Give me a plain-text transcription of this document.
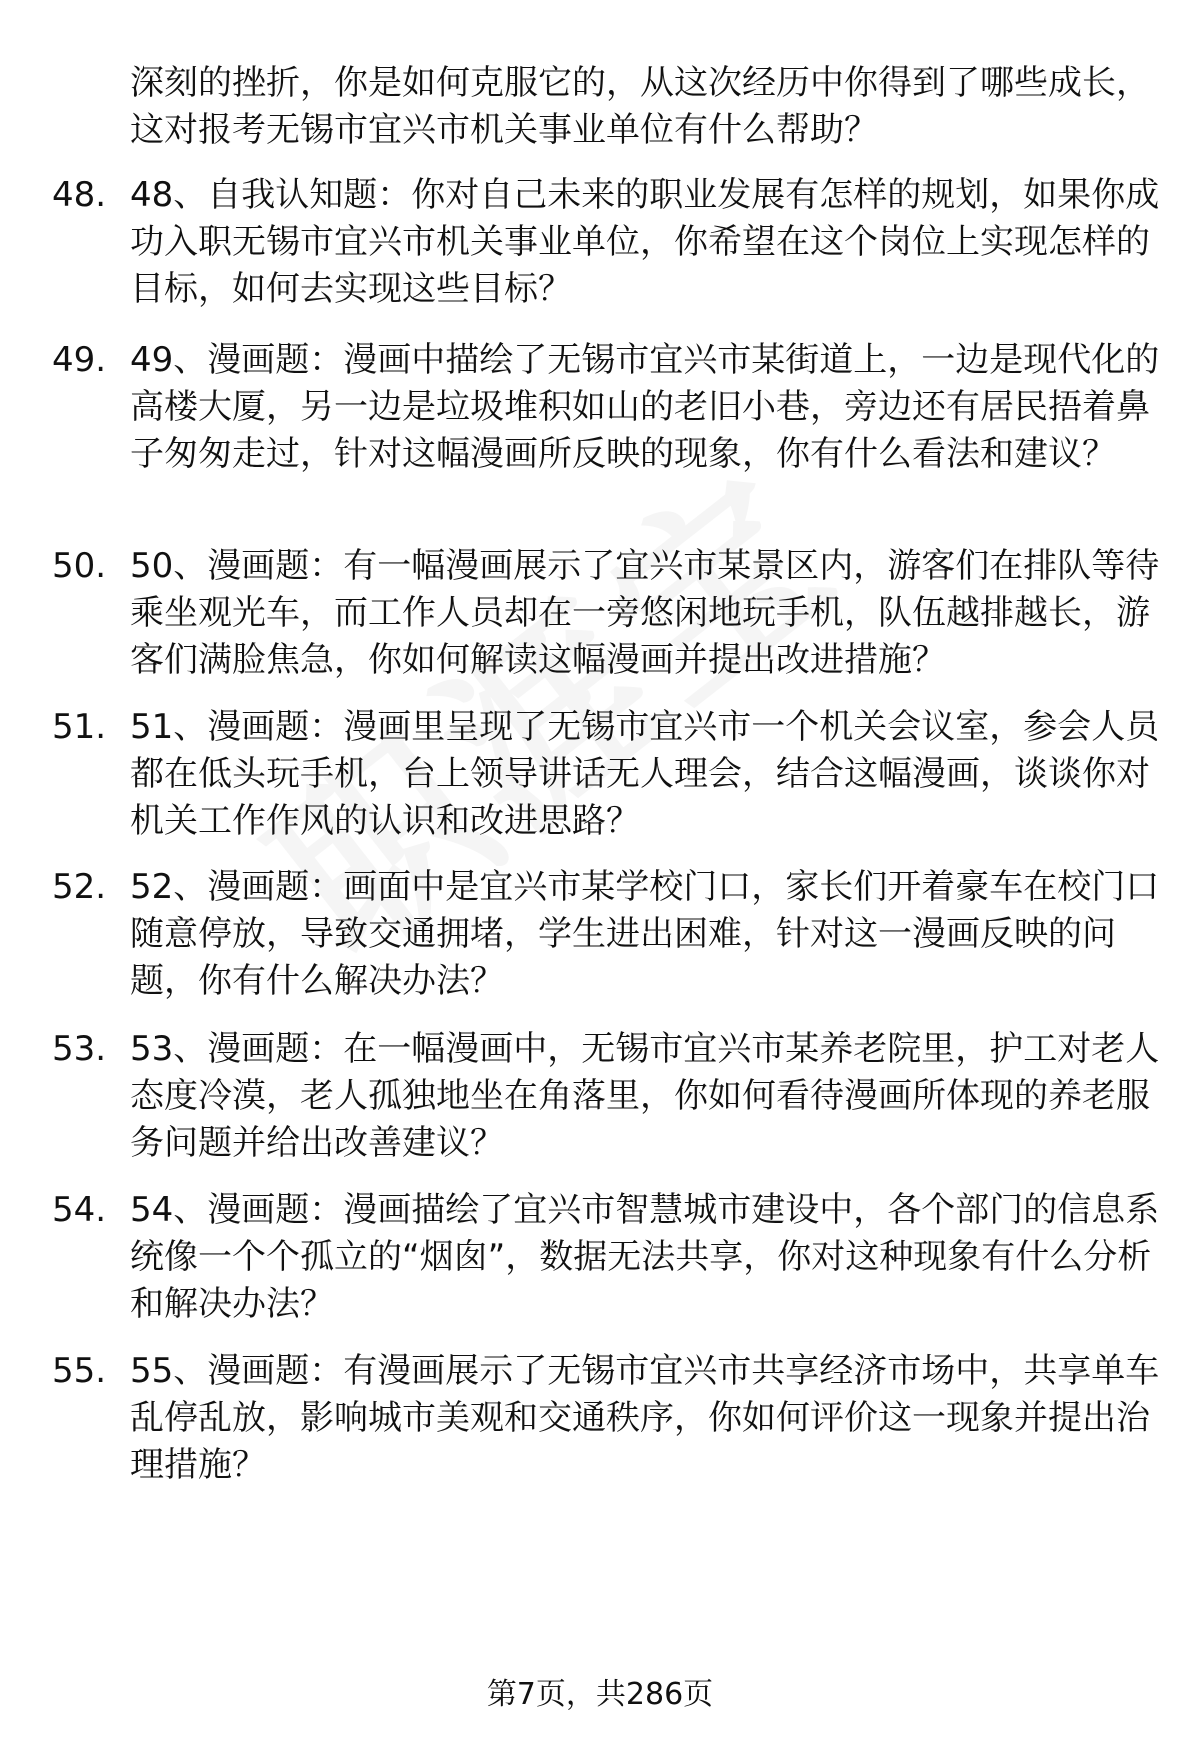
深刻的挫折，你是如何克服它的，从这次经历中你得到了哪些成长，这对报考无锡市宜兴市机关事业单位有什么帮助？

48. 48、自我认知题：你对自己未来的职业发展有怎样的规划，如果你成功入职无锡市宜兴市机关事业单位，你希望在这个岗位上实现怎样的目标，如何去实现这些目标？

49. 49、漫画题：漫画中描绘了无锡市宜兴市某街道上，一边是现代化的高楼大厦，另一边是垃圾堆积如山的老旧小巷，旁边还有居民捂着鼻子匆匆走过，针对这幅漫画所反映的现象，你有什么看法和建议？

50. 50、漫画题：有一幅漫画展示了宜兴市某景区内，游客们在排队等待乘坐观光车，而工作人员却在一旁悠闲地玩手机，队伍越排越长，游客们满脸焦急，你如何解读这幅漫画并提出改进措施？

51. 51、漫画题：漫画里呈现了无锡市宜兴市一个机关会议室，参会人员都在低头玩手机，台上领导讲话无人理会，结合这幅漫画，谈谈你对机关工作作风的认识和改进思路？

52. 52、漫画题：画面中是宜兴市某学校门口，家长们开着豪车在校门口随意停放，导致交通拥堵，学生进出困难，针对这一漫画反映的问题，你有什么解决办法？

53. 53、漫画题：在一幅漫画中，无锡市宜兴市某养老院里，护工对老人态度冷漠，老人孤独地坐在角落里，你如何看待漫画所体现的养老服务问题并给出改善建议？

54. 54、漫画题：漫画描绘了宜兴市智慧城市建设中，各个部门的信息系统像一个个孤立的“烟囱”，数据无法共享，你对这种现象有什么分析和解决办法？

55. 55、漫画题：有漫画展示了无锡市宜兴市共享经济市场中，共享单车乱停乱放，影响城市美观和交通秩序，你如何评价这一现象并提出治理措施？

第7页，共286页
